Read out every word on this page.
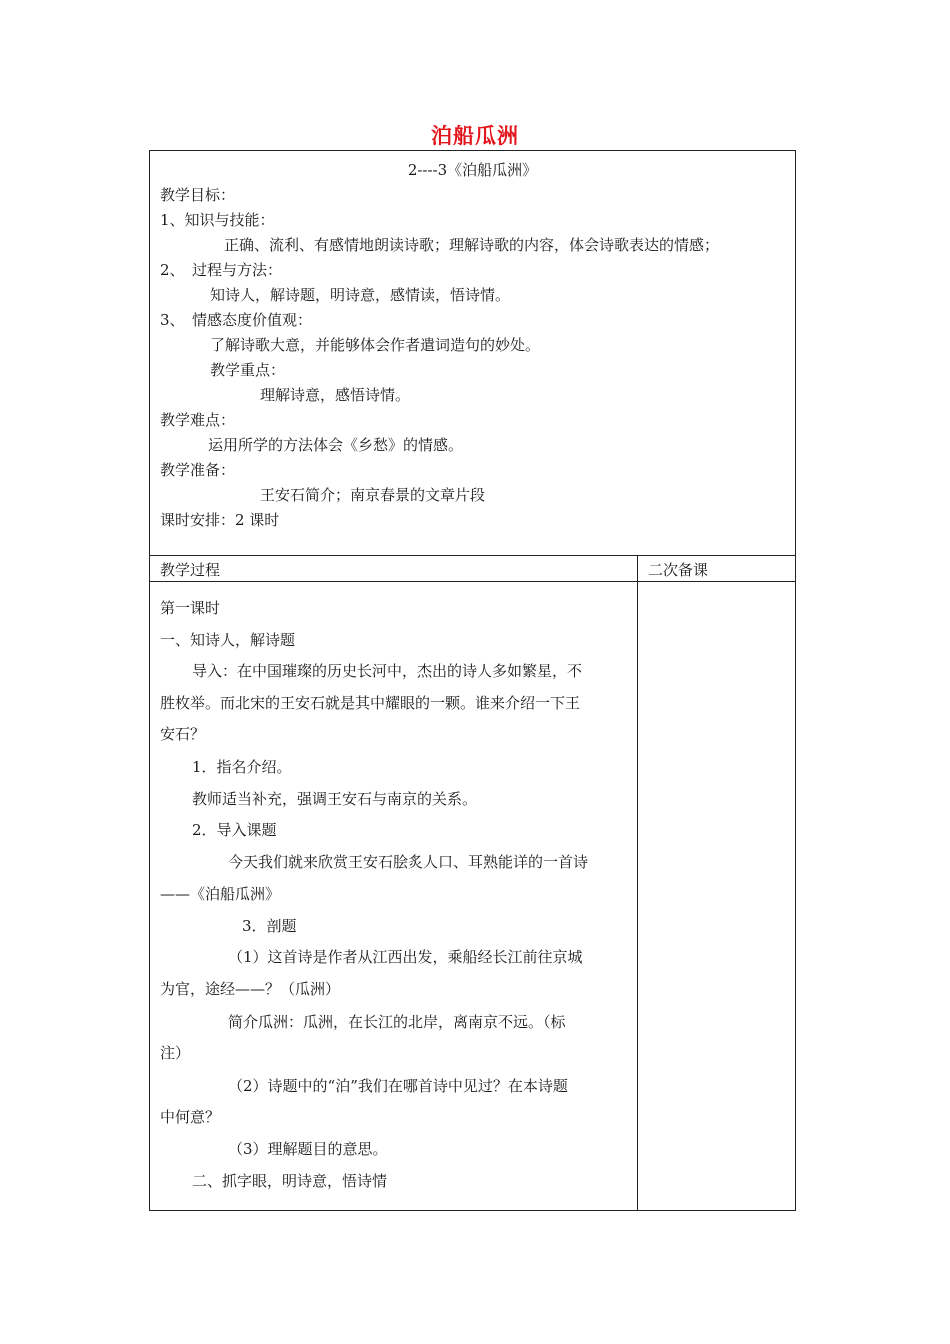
泊船瓜洲
2----3《泊船瓜洲》
教学目标：
1、知识与技能：
正确、流利、有感情地朗读诗歌；理解诗歌的内容，体会诗歌表达的情感；
2、　过程与方法：
知诗人，解诗题，明诗意，感情读，悟诗情。
3、　情感态度价值观：
了解诗歌大意，并能够体会作者遣词造句的妙处。
教学重点：
理解诗意，感悟诗情。
教学难点：
运用所学的方法体会《乡愁》的情感。
教学准备：
王安石简介；南京春景的文章片段
课时安排：2 课时
教学过程	二次备课
第一课时
一、知诗人，解诗题
导入：在中国璀璨的历史长河中，杰出的诗人多如繁星，不
胜枚举。而北宋的王安石就是其中耀眼的一颗。谁来介绍一下王
安石？
1．指名介绍。
教师适当补充，强调王安石与南京的关系。
2．导入课题
今天我们就来欣赏王安石脍炙人口、耳熟能详的一首诗
——《泊船瓜洲》
3．剖题
（1）这首诗是作者从江西出发，乘船经长江前往京城
为官，途经——？（瓜洲）
简介瓜洲：瓜洲，在长江的北岸，离南京不远。（标
注）
（2）诗题中的“泊”我们在哪首诗中见过？在本诗题
中何意？
（3）理解题目的意思。
二、抓字眼，明诗意，悟诗情
